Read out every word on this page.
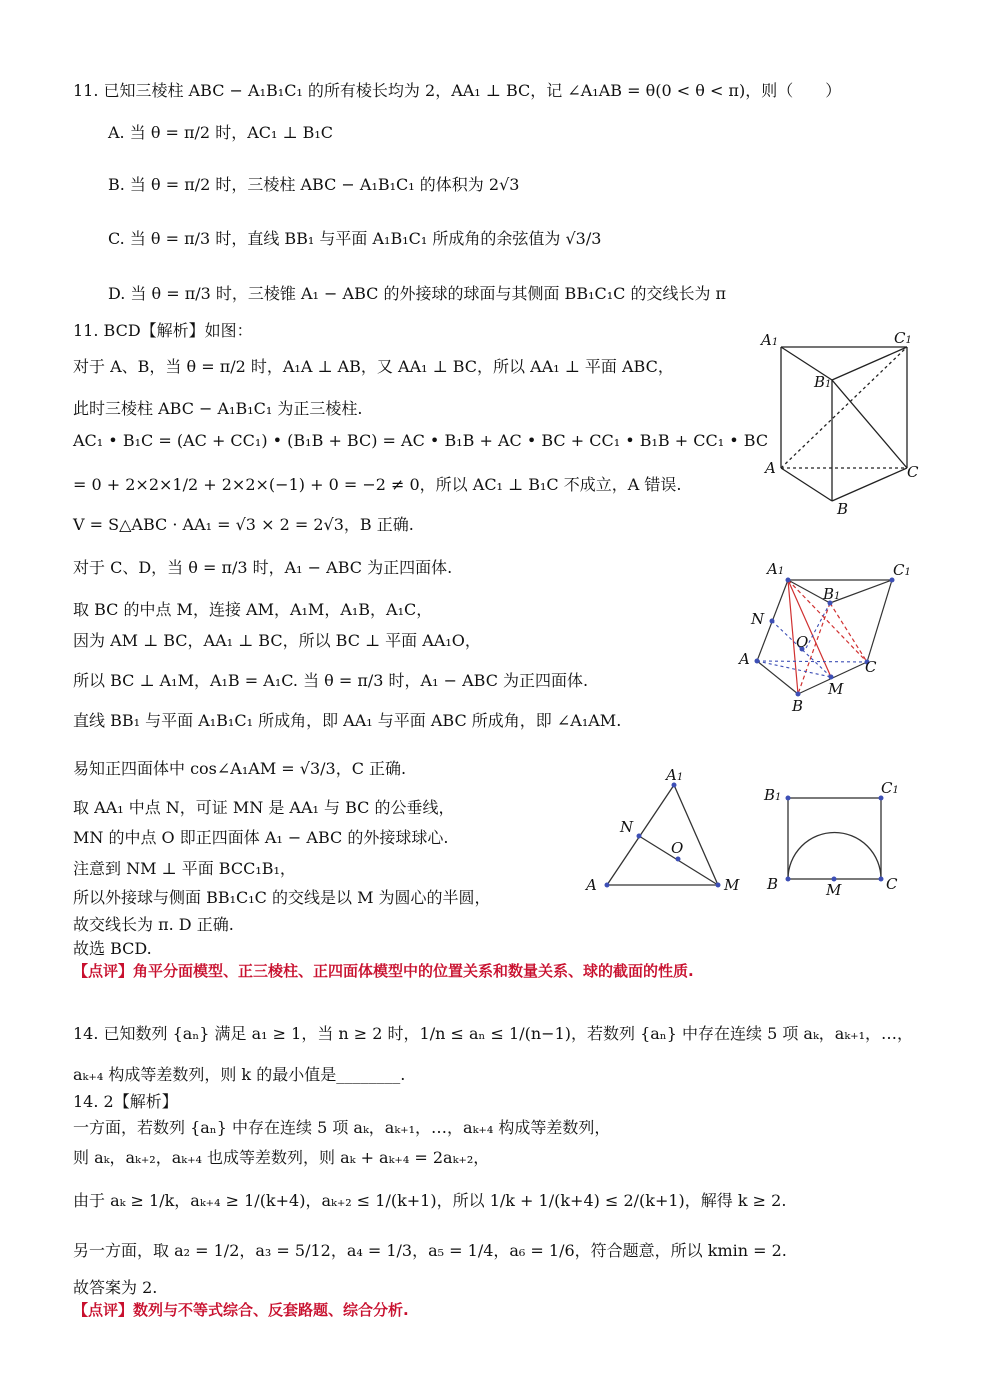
11. 已知三棱柱 ABC − A₁B₁C₁ 的所有棱长均为 2，AA₁ ⊥ BC，记 ∠A₁AB = θ(0 < θ < π)，则（　　）
A. 当 θ = π/2 时，AC₁ ⊥ B₁C
B. 当 θ = π/2 时，三棱柱 ABC − A₁B₁C₁ 的体积为 2√3
C. 当 θ = π/3 时，直线 BB₁ 与平面 A₁B₁C₁ 所成角的余弦值为 √3/3
D. 当 θ = π/3 时，三棱锥 A₁ − ABC 的外接球的球面与其侧面 BB₁C₁C 的交线长为 π
11. BCD【解析】如图：
对于 A、B，当 θ = π/2 时，A₁A ⊥ AB，又 AA₁ ⊥ BC，所以 AA₁ ⊥ 平面 ABC，
此时三棱柱 ABC − A₁B₁C₁ 为正三棱柱.
AC₁ • B₁C = (AC + CC₁) • (B₁B + BC) = AC • B₁B + AC • BC + CC₁ • B₁B + CC₁ • BC
= 0 + 2×2×1/2 + 2×2×(−1) + 0 = −2 ≠ 0，所以 AC₁ ⊥ B₁C 不成立，A 错误.
V = S△ABC · AA₁ = √3 × 2 = 2√3，B 正确.
对于 C、D，当 θ = π/3 时，A₁ − ABC 为正四面体.
取 BC 的中点 M，连接 AM，A₁M，A₁B，A₁C，
因为 AM ⊥ BC，AA₁ ⊥ BC，所以 BC ⊥ 平面 AA₁O，
所以 BC ⊥ A₁M，A₁B = A₁C. 当 θ = π/3 时，A₁ − ABC 为正四面体.
直线 BB₁ 与平面 A₁B₁C₁ 所成角，即 AA₁ 与平面 ABC 所成角，即 ∠A₁AM.
易知正四面体中 cos∠A₁AM = √3/3，C 正确.
取 AA₁ 中点 N，可证 MN 是 AA₁ 与 BC 的公垂线，
MN 的中点 O 即正四面体 A₁ − ABC 的外接球球心.
注意到 NM ⊥ 平面 BCC₁B₁，
所以外接球与侧面 BB₁C₁C 的交线是以 M 为圆心的半圆，
故交线长为 π. D 正确.
故选 BCD.
【点评】角平分面模型、正三棱柱、正四面体模型中的位置关系和数量关系、球的截面的性质.
14. 已知数列 {aₙ} 满足 a₁ ≥ 1，当 n ≥ 2 时，1/n ≤ aₙ ≤ 1/(n−1)，若数列 {aₙ} 中存在连续 5 项 aₖ，aₖ₊₁，…，
aₖ₊₄ 构成等差数列，则 k 的最小值是________.
14. 2【解析】
一方面，若数列 {aₙ} 中存在连续 5 项 aₖ，aₖ₊₁，…，aₖ₊₄ 构成等差数列，
则 aₖ，aₖ₊₂，aₖ₊₄ 也成等差数列，则 aₖ + aₖ₊₄ = 2aₖ₊₂，
由于 aₖ ≥ 1/k，aₖ₊₄ ≥ 1/(k+4)，aₖ₊₂ ≤ 1/(k+1)，所以 1/k + 1/(k+4) ≤ 2/(k+1)，解得 k ≥ 2.
另一方面，取 a₂ = 1/2，a₃ = 5/12，a₄ = 1/3，a₅ = 1/4，a₆ = 1/6，符合题意，所以 kmin = 2.
故答案为 2.
【点评】数列与不等式综合、反套路题、综合分析.
A1	C1
B1
A	C
B
A1	C1
B1
N
O
A	C
M
B
A1
N
O
A	M
B1
C1
B	M	C
